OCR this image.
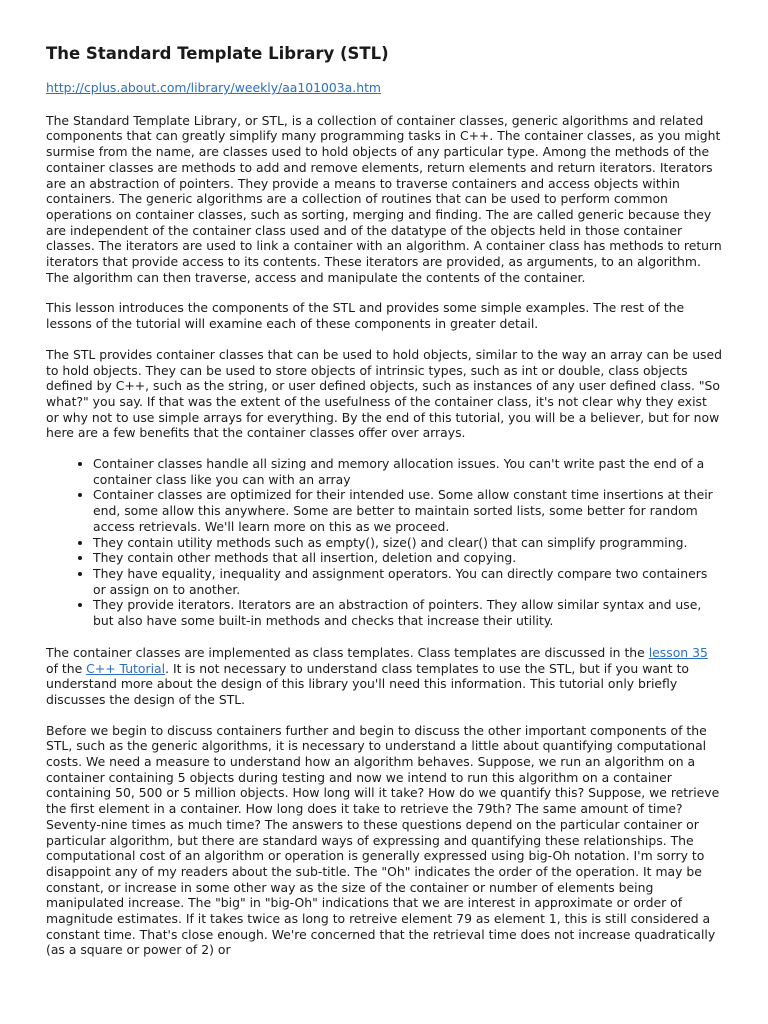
The Standard Template Library (STL)

http://cplus.about.com/library/weekly/aa101003a.htm

The Standard Template Library, or STL, is a collection of container classes, generic algorithms and related components that can greatly simplify many programming tasks in C++. The container classes, as you might surmise from the name, are classes used to hold objects of any particular type. Among the methods of the container classes are methods to add and remove elements, return elements and return iterators. Iterators are an abstraction of pointers. They provide a means to traverse containers and access objects within containers. The generic algorithms are a collection of routines that can be used to perform common operations on container classes, such as sorting, merging and finding. The are called generic because they are independent of the container class used and of the datatype of the objects held in those container classes. The iterators are used to link a container with an algorithm. A container class has methods to return iterators that provide access to its contents. These iterators are provided, as arguments, to an algorithm. The algorithm can then traverse, access and manipulate the contents of the container.

This lesson introduces the components of the STL and provides some simple examples. The rest of the lessons of the tutorial will examine each of these components in greater detail.

The STL provides container classes that can be used to hold objects, similar to the way an array can be used to hold objects. They can be used to store objects of intrinsic types, such as int or double, class objects defined by C++, such as the string, or user defined objects, such as instances of any user defined class. "So what?" you say. If that was the extent of the usefulness of the container class, it's not clear why they exist or why not to use simple arrays for everything. By the end of this tutorial, you will be a believer, but for now here are a few benefits that the container classes offer over arrays.

• Container classes handle all sizing and memory allocation issues. You can't write past the end of a container class like you can with an array
• Container classes are optimized for their intended use. Some allow constant time insertions at their end, some allow this anywhere. Some are better to maintain sorted lists, some better for random access retrievals. We'll learn more on this as we proceed.
• They contain utility methods such as empty(), size() and clear() that can simplify programming.
• They contain other methods that all insertion, deletion and copying.
• They have equality, inequality and assignment operators. You can directly compare two containers or assign on to another.
• They provide iterators. Iterators are an abstraction of pointers. They allow similar syntax and use, but also have some built-in methods and checks that increase their utility.

The container classes are implemented as class templates. Class templates are discussed in the lesson 35 of the C++ Tutorial. It is not necessary to understand class templates to use the STL, but if you want to understand more about the design of this library you'll need this information. This tutorial only briefly discusses the design of the STL.

Before we begin to discuss containers further and begin to discuss the other important components of the STL, such as the generic algorithms, it is necessary to understand a little about quantifying computational costs. We need a measure to understand how an algorithm behaves. Suppose, we run an algorithm on a container containing 5 objects during testing and now we intend to run this algorithm on a container containing 50, 500 or 5 million objects. How long will it take? How do we quantify this? Suppose, we retrieve the first element in a container. How long does it take to retrieve the 79th? The same amount of time? Seventy-nine times as much time? The answers to these questions depend on the particular container or particular algorithm, but there are standard ways of expressing and quantifying these relationships. The computational cost of an algorithm or operation is generally expressed using big-Oh notation. I'm sorry to disappoint any of my readers about the sub-title. The "Oh" indicates the order of the operation. It may be constant, or increase in some other way as the size of the container or number of elements being manipulated increase. The "big" in "big-Oh" indications that we are interest in approximate or order of magnitude estimates. If it takes twice as long to retreive element 79 as element 1, this is still considered a constant time. That's close enough. We're concerned that the retrieval time does not increase quadratically (as a square or power of 2) or
